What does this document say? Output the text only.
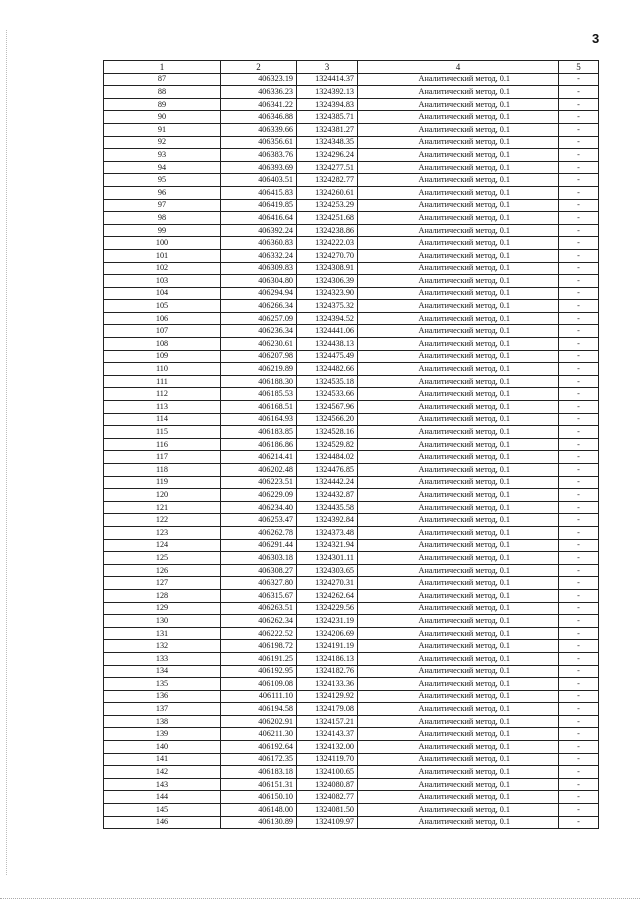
3
1	2	3	4	5
87	406323.19	1324414.37	Аналитический метод, 0.1	-
88	406336.23	1324392.13	Аналитический метод, 0.1	-
89	406341.22	1324394.83	Аналитический метод, 0.1	-
90	406346.88	1324385.71	Аналитический метод, 0.1	-
91	406339.66	1324381.27	Аналитический метод, 0.1	-
92	406356.61	1324348.35	Аналитический метод, 0.1	-
93	406383.76	1324296.24	Аналитический метод, 0.1	-
94	406393.69	1324277.51	Аналитический метод, 0.1	-
95	406403.51	1324282.77	Аналитический метод, 0.1	-
96	406415.83	1324260.61	Аналитический метод, 0.1	-
97	406419.85	1324253.29	Аналитический метод, 0.1	-
98	406416.64	1324251.68	Аналитический метод, 0.1	-
99	406392.24	1324238.86	Аналитический метод, 0.1	-
100	406360.83	1324222.03	Аналитический метод, 0.1	-
101	406332.24	1324270.70	Аналитический метод, 0.1	-
102	406309.83	1324308.91	Аналитический метод, 0.1	-
103	406304.80	1324306.39	Аналитический метод, 0.1	-
104	406294.94	1324323.90	Аналитический метод, 0.1	-
105	406266.34	1324375.32	Аналитический метод, 0.1	-
106	406257.09	1324394.52	Аналитический метод, 0.1	-
107	406236.34	1324441.06	Аналитический метод, 0.1	-
108	406230.61	1324438.13	Аналитический метод, 0.1	-
109	406207.98	1324475.49	Аналитический метод, 0.1	-
110	406219.89	1324482.66	Аналитический метод, 0.1	-
111	406188.30	1324535.18	Аналитический метод, 0.1	-
112	406185.53	1324533.66	Аналитический метод, 0.1	-
113	406168.51	1324567.96	Аналитический метод, 0.1	-
114	406164.93	1324566.20	Аналитический метод, 0.1	-
115	406183.85	1324528.16	Аналитический метод, 0.1	-
116	406186.86	1324529.82	Аналитический метод, 0.1	-
117	406214.41	1324484.02	Аналитический метод, 0.1	-
118	406202.48	1324476.85	Аналитический метод, 0.1	-
119	406223.51	1324442.24	Аналитический метод, 0.1	-
120	406229.09	1324432.87	Аналитический метод, 0.1	-
121	406234.40	1324435.58	Аналитический метод, 0.1	-
122	406253.47	1324392.84	Аналитический метод, 0.1	-
123	406262.78	1324373.48	Аналитический метод, 0.1	-
124	406291.44	1324321.94	Аналитический метод, 0.1	-
125	406303.18	1324301.11	Аналитический метод, 0.1	-
126	406308.27	1324303.65	Аналитический метод, 0.1	-
127	406327.80	1324270.31	Аналитический метод, 0.1	-
128	406315.67	1324262.64	Аналитический метод, 0.1	-
129	406263.51	1324229.56	Аналитический метод, 0.1	-
130	406262.34	1324231.19	Аналитический метод, 0.1	-
131	406222.52	1324206.69	Аналитический метод, 0.1	-
132	406198.72	1324191.19	Аналитический метод, 0.1	-
133	406191.25	1324186.13	Аналитический метод, 0.1	-
134	406192.95	1324182.76	Аналитический метод, 0.1	-
135	406109.08	1324133.36	Аналитический метод, 0.1	-
136	406111.10	1324129.92	Аналитический метод, 0.1	-
137	406194.58	1324179.08	Аналитический метод, 0.1	-
138	406202.91	1324157.21	Аналитический метод, 0.1	-
139	406211.30	1324143.37	Аналитический метод, 0.1	-
140	406192.64	1324132.00	Аналитический метод, 0.1	-
141	406172.35	1324119.70	Аналитический метод, 0.1	-
142	406183.18	1324100.65	Аналитический метод, 0.1	-
143	406151.31	1324080.87	Аналитический метод, 0.1	-
144	406150.10	1324082.77	Аналитический метод, 0.1	-
145	406148.00	1324081.50	Аналитический метод, 0.1	-
146	406130.89	1324109.97	Аналитический метод, 0.1	-
